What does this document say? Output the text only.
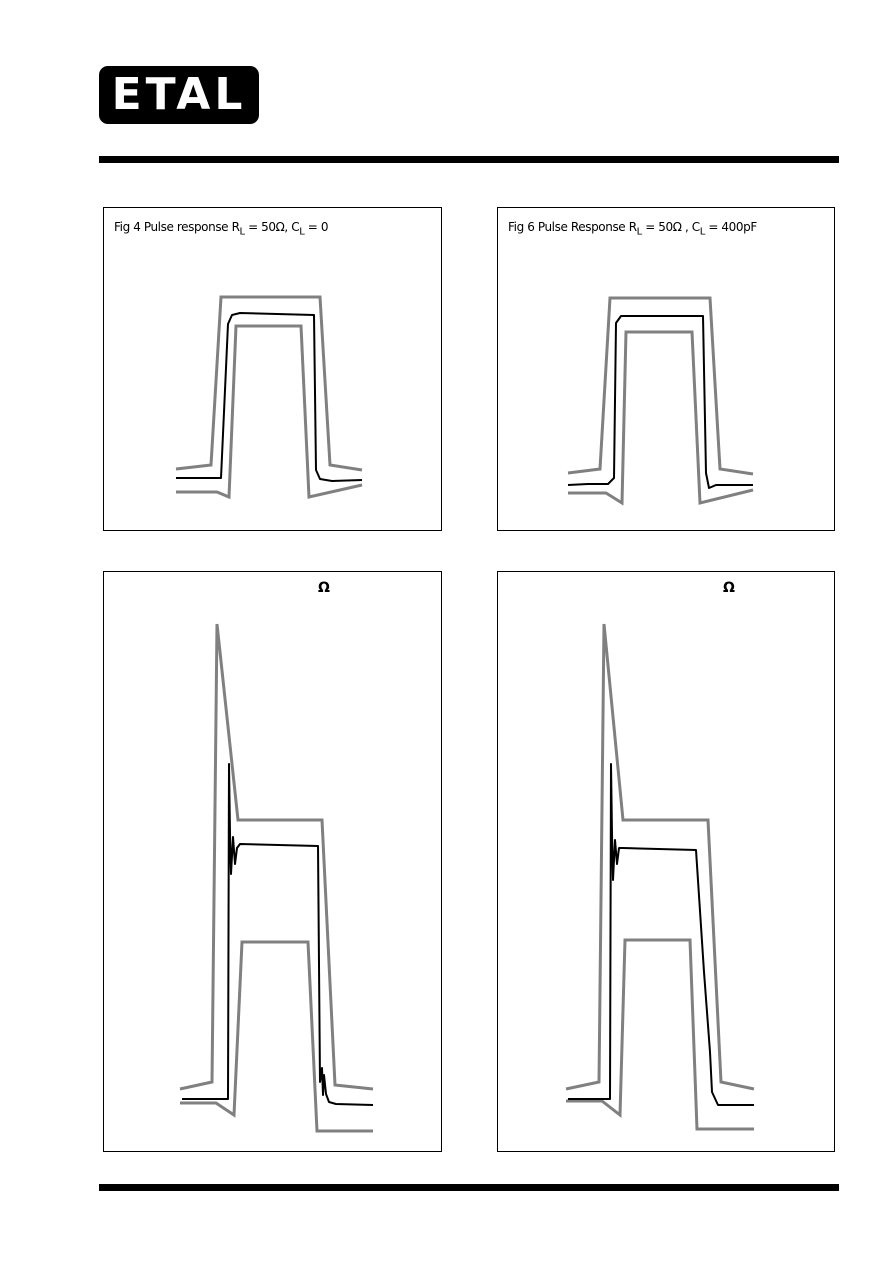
ETAL
Fig 4 Pulse response $R_L = 50\Omega$, $C_L = 0$	Fig 6 Pulse Response $R_L = 50\Omega$ , $C_L = 400pF$
Ω	Ω
